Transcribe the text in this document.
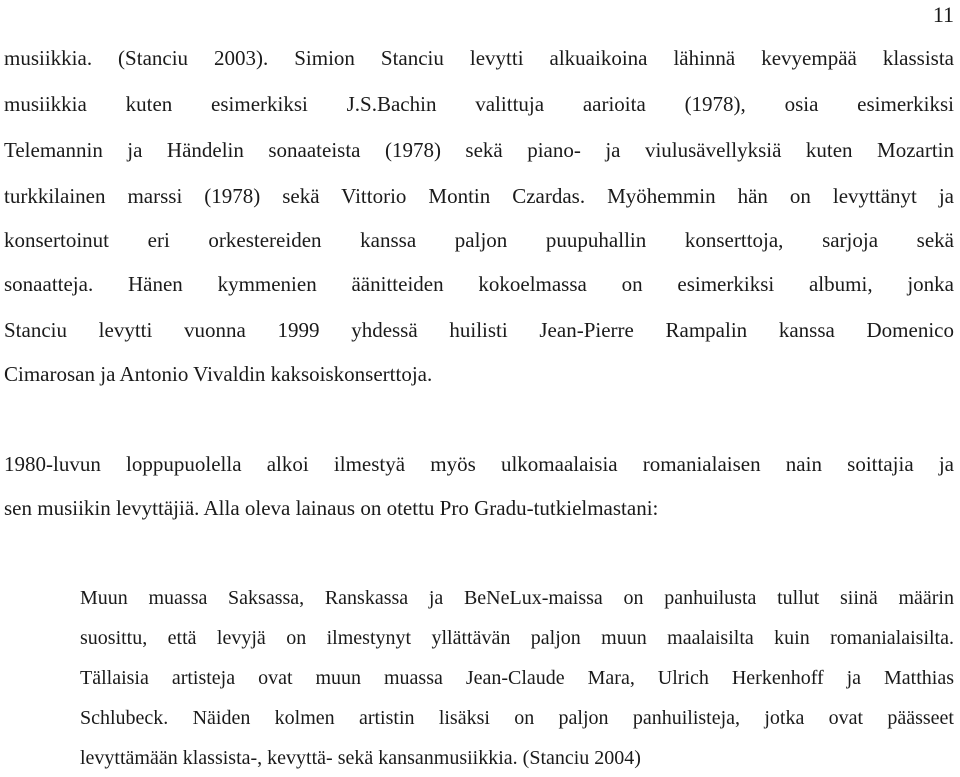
11
musiikkia. (Stanciu 2003). Simion Stanciu levytti alkuaikoina lähinnä kevyempää klassista
musiikkia kuten esimerkiksi J.S.Bachin valittuja aarioita (1978), osia esimerkiksi
Telemannin ja Händelin sonaateista (1978) sekä piano- ja viulusävellyksiä kuten Mozartin
turkkilainen marssi (1978) sekä Vittorio Montin Czardas. Myöhemmin hän on levyttänyt ja
konsertoinut eri orkestereiden kanssa paljon puupuhallin konserttoja, sarjoja sekä
sonaatteja. Hänen kymmenien äänitteiden kokoelmassa on esimerkiksi albumi, jonka
Stanciu levytti vuonna 1999 yhdessä huilisti Jean-Pierre Rampalin kanssa Domenico
Cimarosan ja Antonio Vivaldin kaksoiskonserttoja.
1980-luvun loppupuolella alkoi ilmestyä myös ulkomaalaisia romanialaisen nain soittajia ja
sen musiikin levyttäjiä. Alla oleva lainaus on otettu Pro Gradu-tutkielmastani:
Muun muassa Saksassa, Ranskassa ja BeNeLux-maissa on panhuilusta tullut siinä määrin
suosittu, että levyjä on ilmestynyt yllättävän paljon muun maalaisilta kuin romanialaisilta.
Tällaisia artisteja ovat muun muassa Jean-Claude Mara, Ulrich Herkenhoff ja Matthias
Schlubeck. Näiden kolmen artistin lisäksi on paljon panhuilisteja, jotka ovat päässeet
levyttämään klassista-, kevyttä- sekä kansanmusiikkia. (Stanciu 2004)
